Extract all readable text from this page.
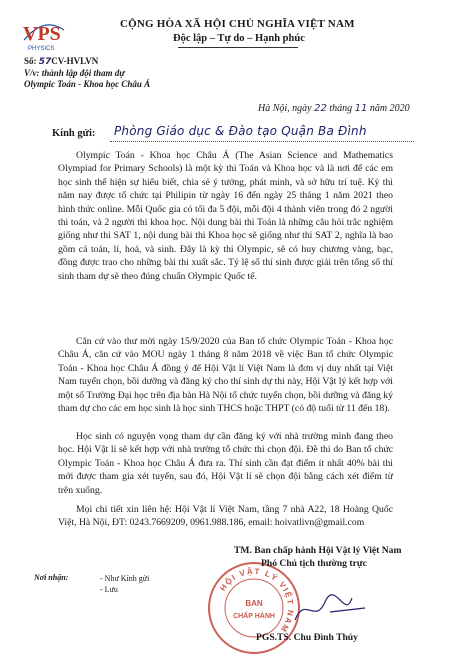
VPS
PHYSICS
CỘNG HÒA XÃ HỘI CHỦ NGHĨA VIỆT NAM
Độc lập – Tự do – Hạnh phúc
Số: 57CV-HVLVN
V/v: thành lập đội tham dự
Olympic Toán - Khoa học Châu Á
Hà Nội, ngày 22 tháng 11 năm 2020
Kính gửi: Phòng Giáo dục & Đào tạo Quận Ba Đình

Olympic Toán - Khoa học Châu Á (The Asian Science and Mathematics Olympiad for Primary Schools) là một kỳ thi Toán và Khoa học và là nơi để các em học sinh thể hiện sự hiểu biết, chia sẻ ý tưởng, phát minh, và sở hữu trí tuệ. Kỳ thi năm nay được tổ chức tại Philipin từ ngày 16 đến ngày 25 tháng 1 năm 2021 theo hình thức online. Mỗi Quốc gia có tối đa 5 đội, mỗi đội 4 thành viên trong đó 2 người thi toán, và 2 người thi khoa học. Nội dung bài thi Toán là những câu hỏi trắc nghiệm giống như thi SAT 1, nội dung bài thi Khoa học sẽ giống như thi SAT 2, nghĩa là bao gồm cả toán, lí, hoá, và sinh. Đây là kỳ thi Olympic, sẽ có huy chương vàng, bạc, đồng được trao cho những bài thi xuất sắc. Tỷ lệ số thí sinh được giải trên tổng số thí sinh tham dự sẽ theo đúng chuẩn Olympic Quốc tế.

Căn cứ vào thư mời ngày 15/9/2020 của Ban tổ chức Olympic Toán - Khoa học Châu Á, căn cứ vào MOU ngày 1 tháng 8 năm 2018 về việc Ban tổ chức Olympic Toán - Khoa học Châu Á đồng ý để Hội Vật lí Việt Nam là đơn vị duy nhất tại Việt Nam tuyển chọn, bồi dưỡng và đăng ký cho thí sinh dự thi này, Hội Vật lý kết hợp với một số Trường Đại học trên địa bàn Hà Nội tổ chức tuyển chọn, bồi dưỡng và đăng ký tham dự cho các em học sinh là học sinh THCS hoặc THPT (có độ tuổi từ 11 đến 18).

Học sinh có nguyện vọng tham dự cần đăng ký với nhà trường mình đang theo học. Hội Vật lí sẽ kết hợp với nhà trường tổ chức thi chọn đội. Đề thi do Ban tổ chức Olympic Toán - Khoa học Châu Á đưa ra. Thí sinh cần đạt điểm ít nhất 40% bài thi mới được tham gia xét tuyển, sau đó, Hội Vật lí sẽ chọn đội bằng cách xét điểm từ trên xuống.

Mọi chi tiết xin liên hệ: Hội Vật lí Việt Nam, tầng 7 nhà A22, 18 Hoàng Quốc Việt, Hà Nội, ĐT: 0243.7669209, 0961.988.186, email: hoivatlivn@gmail.com

HỘI VẬT LÝ VIỆT NAM
BAN
CHẤP HÀNH
TM. Ban chấp hành Hội Vật lý Việt Nam
Phó Chủ tịch thường trực
PGS.TS. Chu Đình Thúy
Nơi nhận:	- Như Kính gửi
- Lưu
